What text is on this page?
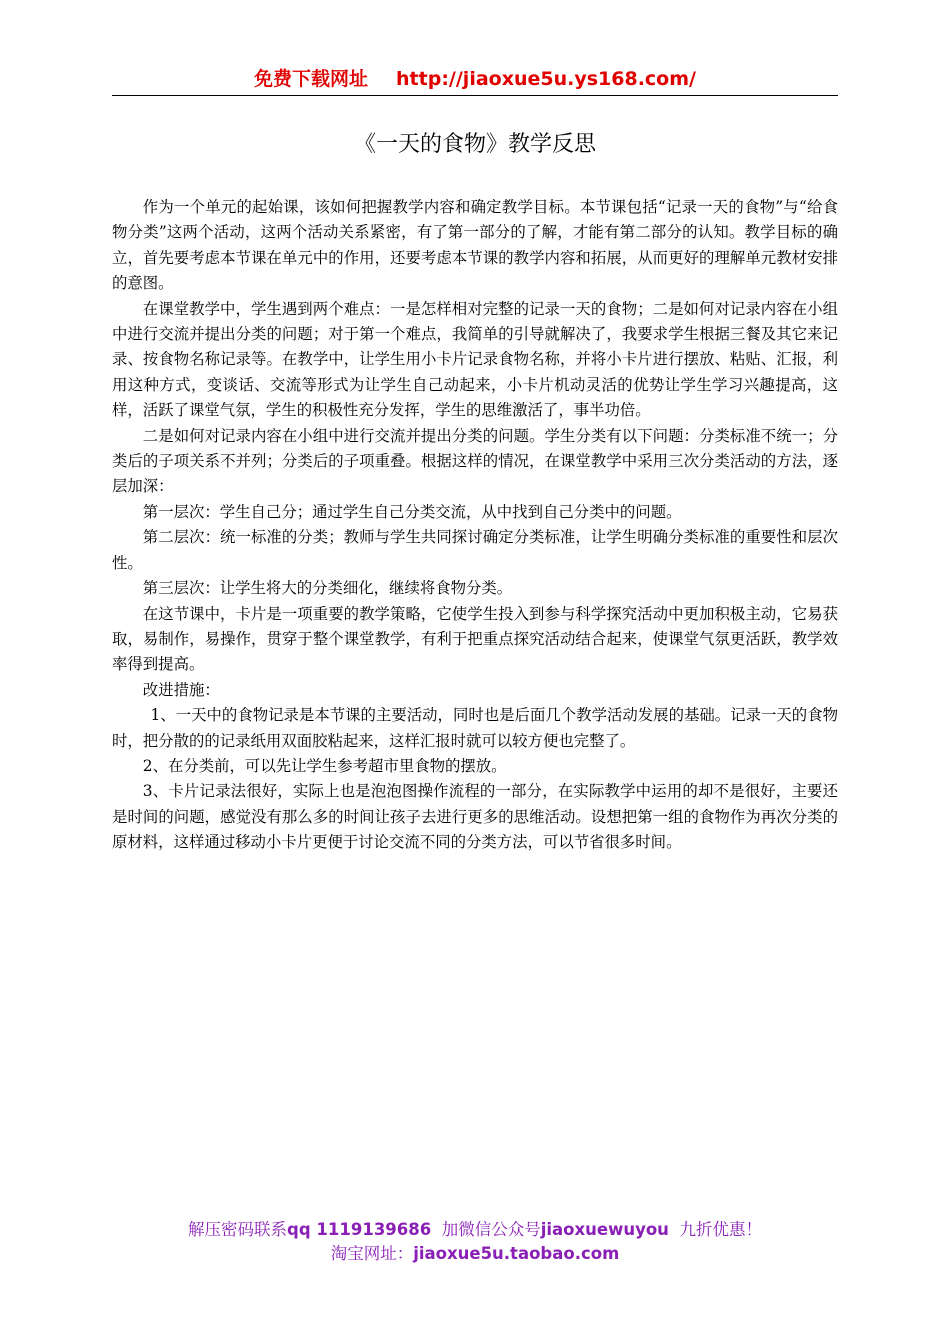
免费下载网址 http://jiaoxue5u.ys168.com/
《一天的食物》教学反思

作为一个单元的起始课，该如何把握教学内容和确定教学目标。本节课包括“记录一天的食物”与“给食物分类”这两个活动，这两个活动关系紧密，有了第一部分的了解，才能有第二部分的认知。教学目标的确立，首先要考虑本节课在单元中的作用，还要考虑本节课的教学内容和拓展，从而更好的理解单元教材安排的意图。

在课堂教学中，学生遇到两个难点：一是怎样相对完整的记录一天的食物；二是如何对记录内容在小组中进行交流并提出分类的问题；对于第一个难点，我简单的引导就解决了，我要求学生根据三餐及其它来记录、按食物名称记录等。在教学中，让学生用小卡片记录食物名称，并将小卡片进行摆放、粘贴、汇报，利用这种方式，变谈话、交流等形式为让学生自己动起来，小卡片机动灵活的优势让学生学习兴趣提高，这样，活跃了课堂气氛，学生的积极性充分发挥，学生的思维激活了，事半功倍。

二是如何对记录内容在小组中进行交流并提出分类的问题。学生分类有以下问题：分类标准不统一；分类后的子项关系不并列；分类后的子项重叠。根据这样的情况，在课堂教学中采用三次分类活动的方法，逐层加深：

第一层次：学生自己分；通过学生自己分类交流，从中找到自己分类中的问题。

第二层次：统一标准的分类；教师与学生共同探讨确定分类标准，让学生明确分类标准的重要性和层次性。

第三层次：让学生将大的分类细化，继续将食物分类。

在这节课中，卡片是一项重要的教学策略，它使学生投入到参与科学探究活动中更加积极主动，它易获取，易制作，易操作，贯穿于整个课堂教学，有利于把重点探究活动结合起来，使课堂气氛更活跃，教学效率得到提高。

改进措施：

1、一天中的食物记录是本节课的主要活动，同时也是后面几个教学活动发展的基础。记录一天的食物时，把分散的的记录纸用双面胶粘起来，这样汇报时就可以较方便也完整了。

2、在分类前，可以先让学生参考超市里食物的摆放。

3、卡片记录法很好，实际上也是泡泡图操作流程的一部分，在实际教学中运用的却不是很好，主要还是时间的问题，感觉没有那么多的时间让孩子去进行更多的思维活动。设想把第一组的食物作为再次分类的原材料，这样通过移动小卡片更便于讨论交流不同的分类方法，可以节省很多时间。

解压密码联系qq 1119139686 加微信公众号jiaoxuewuyou 九折优惠！
淘宝网址：jiaoxue5u.taobao.com
